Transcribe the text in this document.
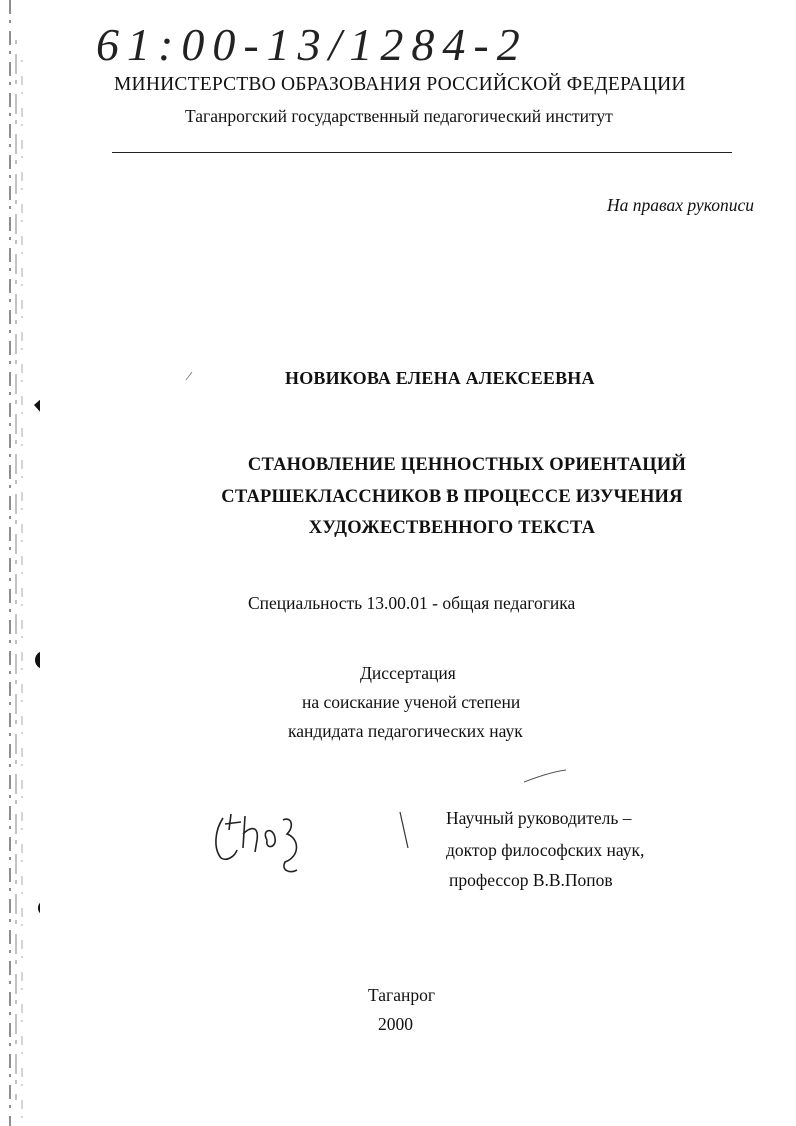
61:00-13/1284-2
МИНИСТЕРСТВО ОБРАЗОВАНИЯ РОССИЙСКОЙ ФЕДЕРАЦИИ
Таганрогский государственный педагогический институт
На правах рукописи
НОВИКОВА ЕЛЕНА АЛЕКСЕЕВНА
СТАНОВЛЕНИЕ ЦЕННОСТНЫХ ОРИЕНТАЦИЙ
СТАРШЕКЛАССНИКОВ В ПРОЦЕССЕ ИЗУЧЕНИЯ
ХУДОЖЕСТВЕННОГО ТЕКСТА
Специальность 13.00.01 - общая педагогика
Диссертация
на соискание ученой степени
кандидата педагогических наук
Научный руководитель –
доктор философских наук,
профессор В.В.Попов
Таганрог
2000
